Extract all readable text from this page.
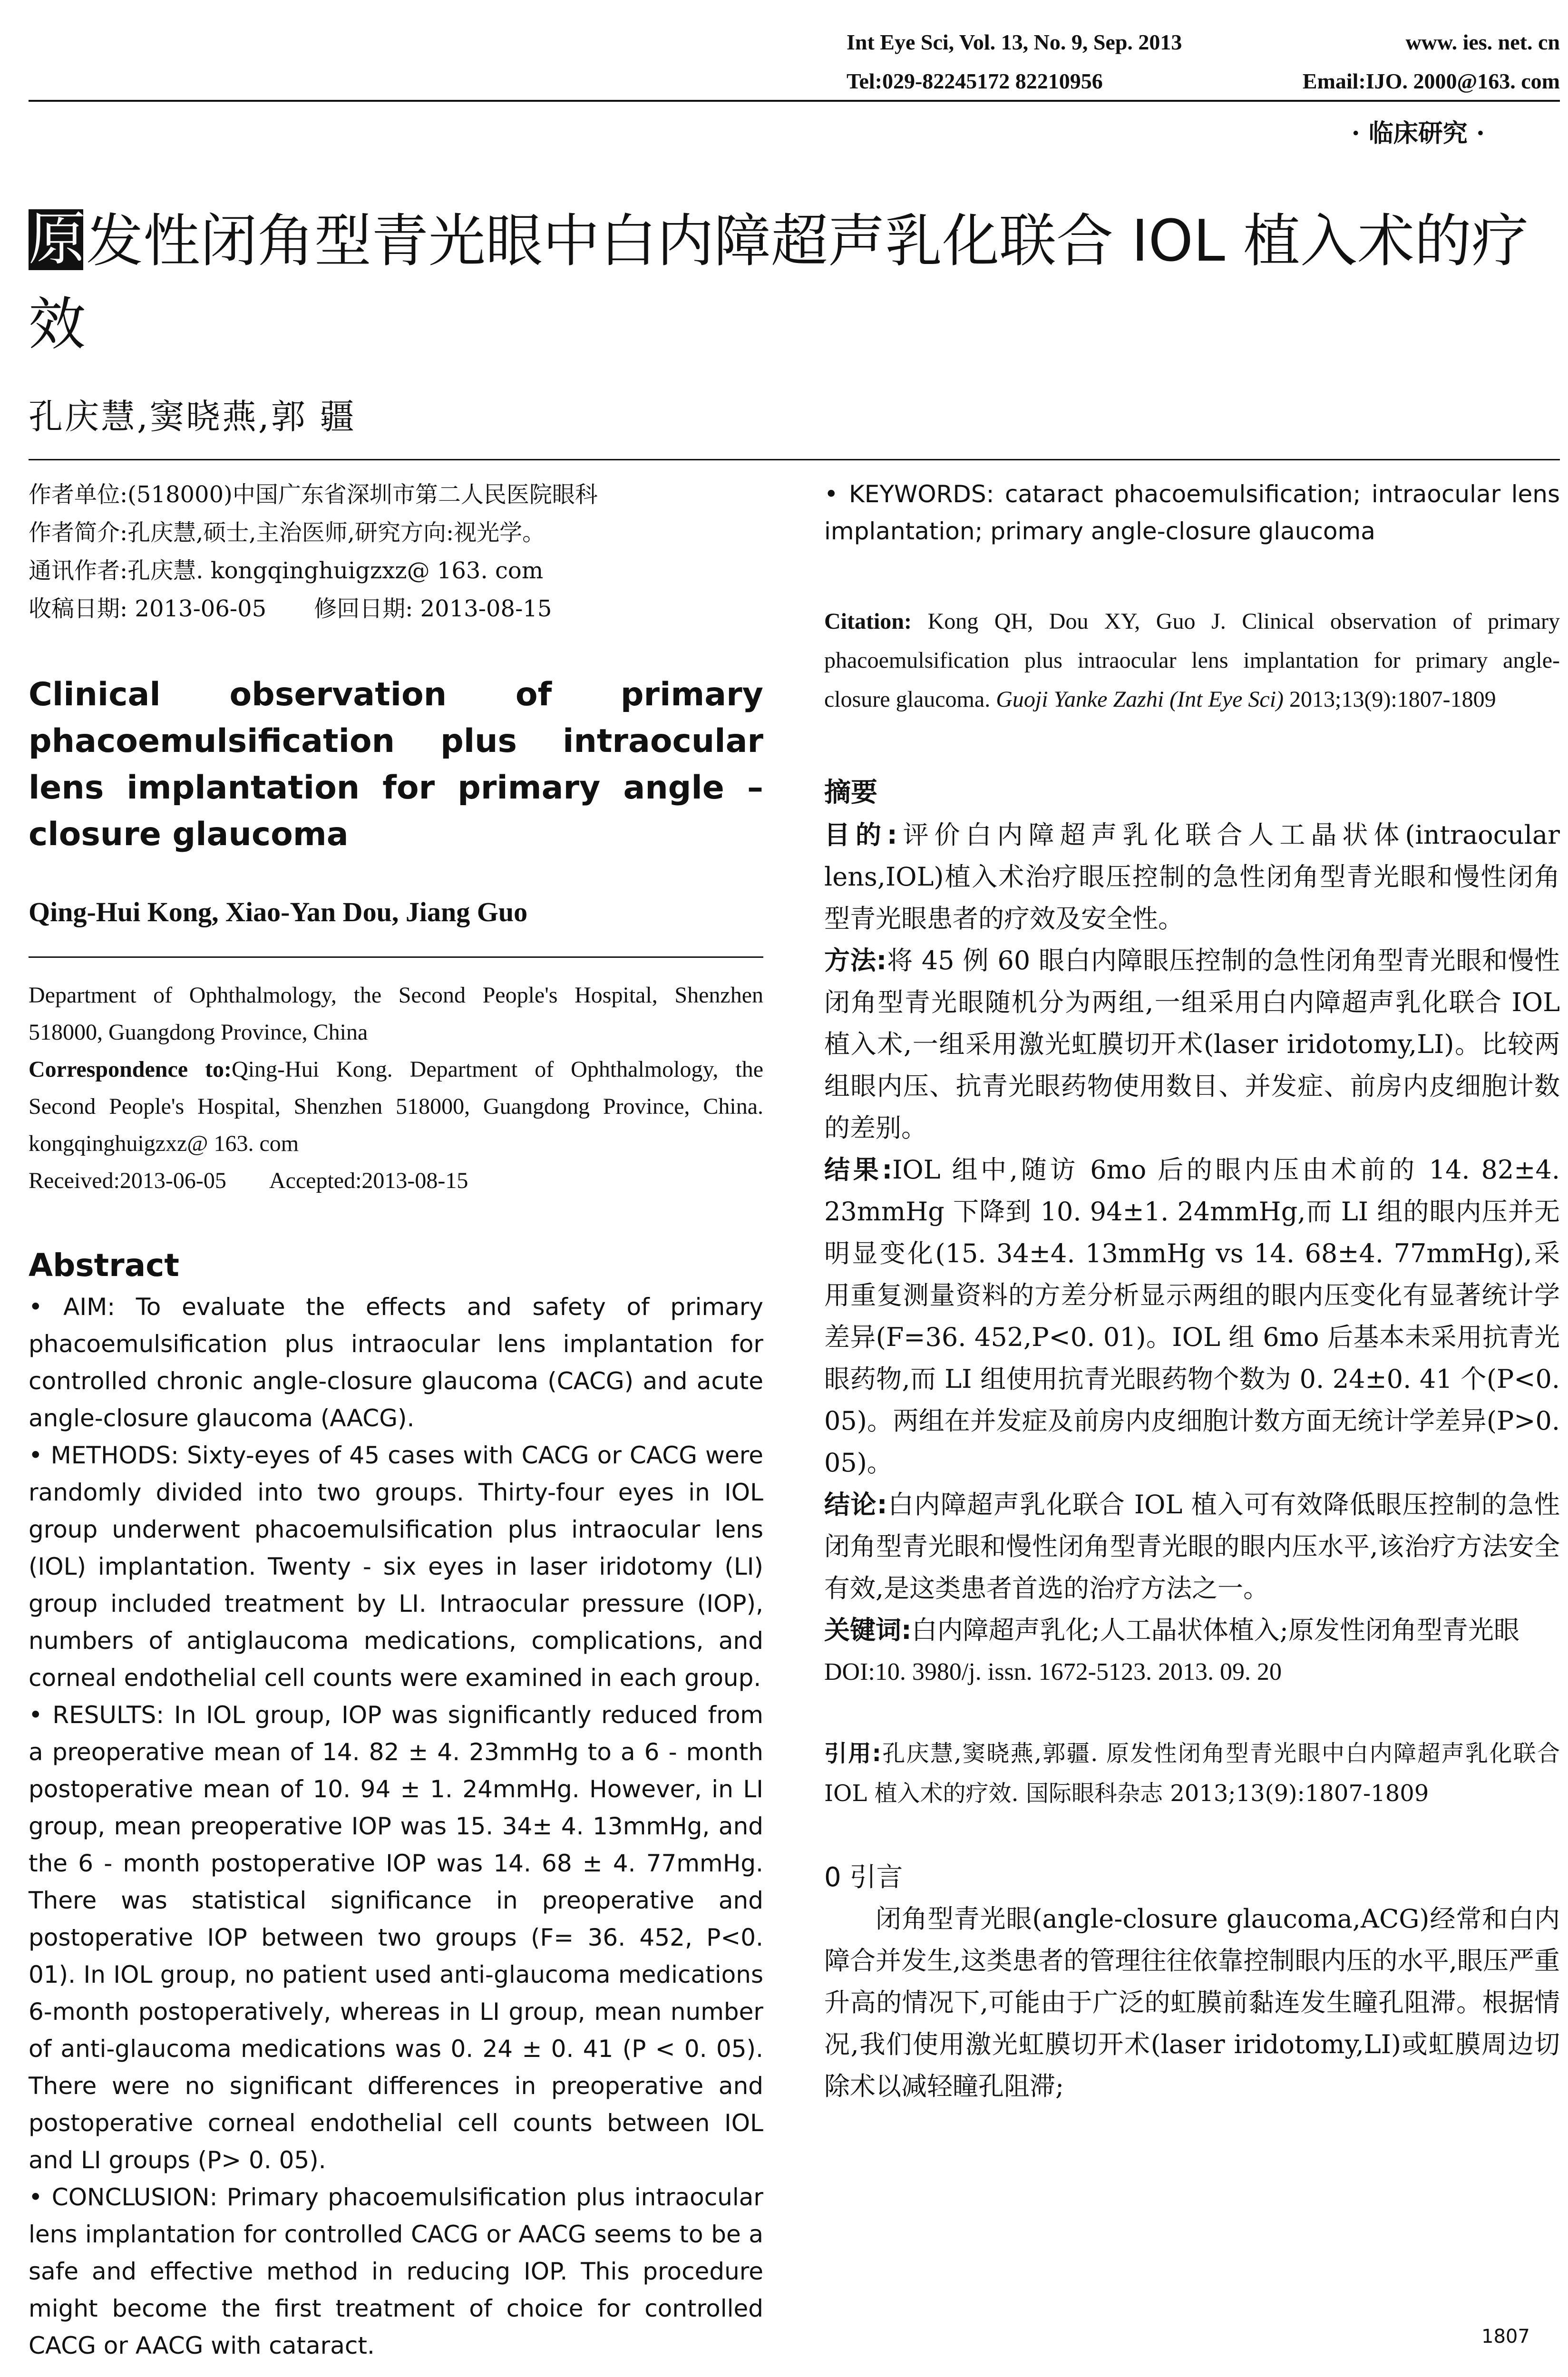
Int Eye Sci, Vol. 13, No. 9, Sep. 2013	www. ies. net. cn
Tel:029-82245172 82210956	Email:IJO. 2000@163. com
· 临床研究 ·
原发性闭角型青光眼中白内障超声乳化联合 IOL 植入术的疗效
孔庆慧,窦晓燕,郭 疆
作者单位:(518000)中国广东省深圳市第二人民医院眼科
作者简介:孔庆慧,硕士,主治医师,研究方向:视光学。
通讯作者:孔庆慧. kongqinghuigzxz@ 163. com
收稿日期: 2013-06-05 修回日期: 2013-08-15
Clinical observation of primary phacoemulsification plus intraocular lens implantation for primary angle – closure glaucoma
Qing-Hui Kong, Xiao-Yan Dou, Jiang Guo
Department of Ophthalmology, the Second People's Hospital, Shenzhen 518000, Guangdong Province, China
Correspondence to:Qing-Hui Kong. Department of Ophthalmology, the Second People's Hospital, Shenzhen 518000, Guangdong Province, China. kongqinghuigzxz@ 163. com
Received:2013-06-05 Accepted:2013-08-15
Abstract

• AIM: To evaluate the effects and safety of primary phacoemulsification plus intraocular lens implantation for controlled chronic angle-closure glaucoma (CACG) and acute angle-closure glaucoma (AACG).

• METHODS: Sixty-eyes of 45 cases with CACG or CACG were randomly divided into two groups. Thirty-four eyes in IOL group underwent phacoemulsification plus intraocular lens (IOL) implantation. Twenty - six eyes in laser iridotomy (LI) group included treatment by LI. Intraocular pressure (IOP), numbers of antiglaucoma medications, complications, and corneal endothelial cell counts were examined in each group.

• RESULTS: In IOL group, IOP was significantly reduced from a preoperative mean of 14. 82 ± 4. 23mmHg to a 6 - month postoperative mean of 10. 94 ± 1. 24mmHg. However, in LI group, mean preoperative IOP was 15. 34± 4. 13mmHg, and the 6 - month postoperative IOP was 14. 68 ± 4. 77mmHg. There was statistical significance in preoperative and postoperative IOP between two groups (F= 36. 452, P<0. 01). In IOL group, no patient used anti-glaucoma medications 6-month postoperatively, whereas in LI group, mean number of anti-glaucoma medications was 0. 24 ± 0. 41 (P < 0. 05). There were no significant differences in preoperative and postoperative corneal endothelial cell counts between IOL and LI groups (P> 0. 05).

• CONCLUSION: Primary phacoemulsification plus intraocular lens implantation for controlled CACG or AACG seems to be a safe and effective method in reducing IOP. This procedure might become the first treatment of choice for controlled CACG or AACG with cataract.

• KEYWORDS: cataract phacoemulsification; intraocular lens implantation; primary angle-closure glaucoma

Citation: Kong QH, Dou XY, Guo J. Clinical observation of primary phacoemulsification plus intraocular lens implantation for primary angle-closure glaucoma. Guoji Yanke Zazhi (Int Eye Sci) 2013;13(9):1807-1809
摘要

目的:评价白内障超声乳化联合人工晶状体(intraocular lens,IOL)植入术治疗眼压控制的急性闭角型青光眼和慢性闭角型青光眼患者的疗效及安全性。

方法:将 45 例 60 眼白内障眼压控制的急性闭角型青光眼和慢性闭角型青光眼随机分为两组,一组采用白内障超声乳化联合 IOL 植入术,一组采用激光虹膜切开术(laser iridotomy,LI)。比较两组眼内压、抗青光眼药物使用数目、并发症、前房内皮细胞计数的差别。

结果:IOL 组中,随访 6mo 后的眼内压由术前的 14. 82±4. 23mmHg 下降到 10. 94±1. 24mmHg,而 LI 组的眼内压并无明显变化(15. 34±4. 13mmHg vs 14. 68±4. 77mmHg),采用重复测量资料的方差分析显示两组的眼内压变化有显著统计学差异(F=36. 452,P<0. 01)。IOL 组 6mo 后基本未采用抗青光眼药物,而 LI 组使用抗青光眼药物个数为 0. 24±0. 41 个(P<0. 05)。两组在并发症及前房内皮细胞计数方面无统计学差异(P>0. 05)。

结论:白内障超声乳化联合 IOL 植入可有效降低眼压控制的急性闭角型青光眼和慢性闭角型青光眼的眼内压水平,该治疗方法安全有效,是这类患者首选的治疗方法之一。

关键词:白内障超声乳化;人工晶状体植入;原发性闭角型青光眼

DOI:10. 3980/j. issn. 1672-5123. 2013. 09. 20
引用:孔庆慧,窦晓燕,郭疆. 原发性闭角型青光眼中白内障超声乳化联合 IOL 植入术的疗效. 国际眼科杂志 2013;13(9):1807-1809
0 引言
闭角型青光眼(angle-closure glaucoma,ACG)经常和白内障合并发生,这类患者的管理往往依靠控制眼内压的水平,眼压严重升高的情况下,可能由于广泛的虹膜前黏连发生瞳孔阻滞。根据情况,我们使用激光虹膜切开术(laser iridotomy,LI)或虹膜周边切除术以减轻瞳孔阻滞;
1807
